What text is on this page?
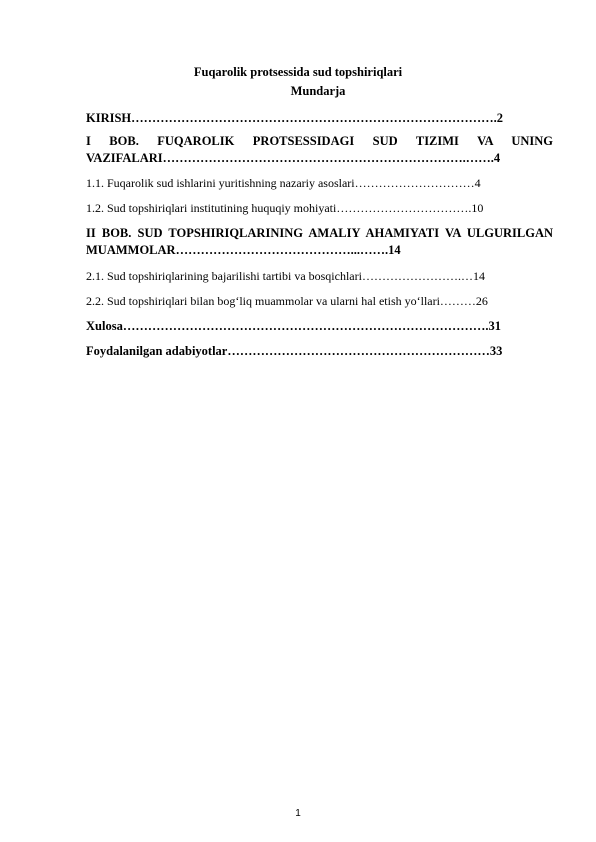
Fuqarolik protsessida sud topshiriqlari
Mundarja
KIRISH…………………………………………………………………………….2
I BOB. FUQAROLIK PROTSESSIDAGI SUD TIZIMI VA UNING VAZIFALARI……………………………………………………………….…….4
1.1. Fuqarolik sud ishlarini yuritishning nazariy asoslari…………………………4
1.2. Sud topshiriqlari institutining huquqiy mohiyati…………………………….10
II BOB. SUD TOPSHIRIQLARINING AMALIY AHAMIYATI VA ULGURILGAN MUAMMOLAR……………………………………...…….14
2.1. Sud topshiriqlarining bajarilishi tartibi va bosqichlari…………………….…14
2.2. Sud topshiriqlari bilan bog‘liq muammolar va ularni hal etish yo‘llari………26
Xulosa…………………………………………………………………………….31
Foydalanilgan adabiyotlar………………………………………………………33
1
